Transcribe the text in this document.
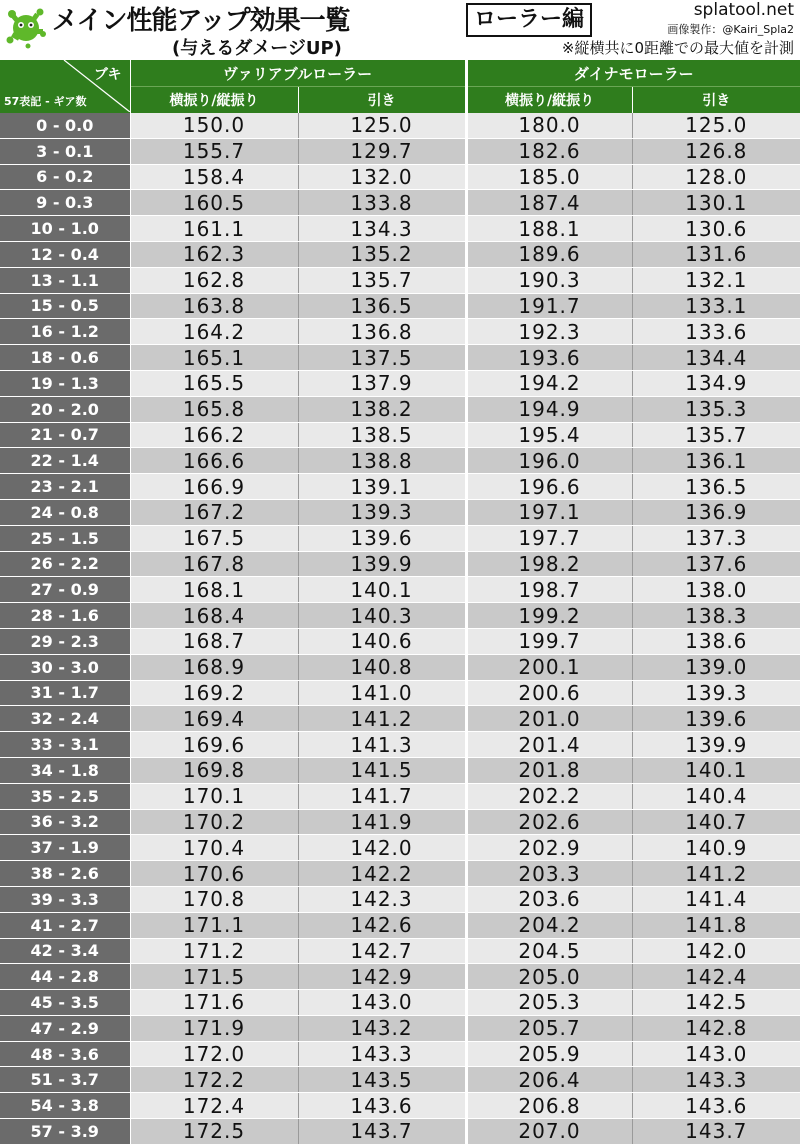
メイン性能アップ効果一覧
(与えるダメージUP)
ローラー編	splatool.net
画像製作：@Kairi_Spla2
※縦横共に0距離での最大値を計測
ブキ
57表記 - ギア数	ヴァリアブルローラー		ダイナモローラー	
	横振り/縦振り	引き	横振り/縦振り	引き
0 - 0.0	150.0	125.0	180.0	125.0
3 - 0.1	155.7	129.7	182.6	126.8
6 - 0.2	158.4	132.0	185.0	128.0
9 - 0.3	160.5	133.8	187.4	130.1
10 - 1.0	161.1	134.3	188.1	130.6
12 - 0.4	162.3	135.2	189.6	131.6
13 - 1.1	162.8	135.7	190.3	132.1
15 - 0.5	163.8	136.5	191.7	133.1
16 - 1.2	164.2	136.8	192.3	133.6
18 - 0.6	165.1	137.5	193.6	134.4
19 - 1.3	165.5	137.9	194.2	134.9
20 - 2.0	165.8	138.2	194.9	135.3
21 - 0.7	166.2	138.5	195.4	135.7
22 - 1.4	166.6	138.8	196.0	136.1
23 - 2.1	166.9	139.1	196.6	136.5
24 - 0.8	167.2	139.3	197.1	136.9
25 - 1.5	167.5	139.6	197.7	137.3
26 - 2.2	167.8	139.9	198.2	137.6
27 - 0.9	168.1	140.1	198.7	138.0
28 - 1.6	168.4	140.3	199.2	138.3
29 - 2.3	168.7	140.6	199.7	138.6
30 - 3.0	168.9	140.8	200.1	139.0
31 - 1.7	169.2	141.0	200.6	139.3
32 - 2.4	169.4	141.2	201.0	139.6
33 - 3.1	169.6	141.3	201.4	139.9
34 - 1.8	169.8	141.5	201.8	140.1
35 - 2.5	170.1	141.7	202.2	140.4
36 - 3.2	170.2	141.9	202.6	140.7
37 - 1.9	170.4	142.0	202.9	140.9
38 - 2.6	170.6	142.2	203.3	141.2
39 - 3.3	170.8	142.3	203.6	141.4
41 - 2.7	171.1	142.6	204.2	141.8
42 - 3.4	171.2	142.7	204.5	142.0
44 - 2.8	171.5	142.9	205.0	142.4
45 - 3.5	171.6	143.0	205.3	142.5
47 - 2.9	171.9	143.2	205.7	142.8
48 - 3.6	172.0	143.3	205.9	143.0
51 - 3.7	172.2	143.5	206.4	143.3
54 - 3.8	172.4	143.6	206.8	143.6
57 - 3.9	172.5	143.7	207.0	143.7
